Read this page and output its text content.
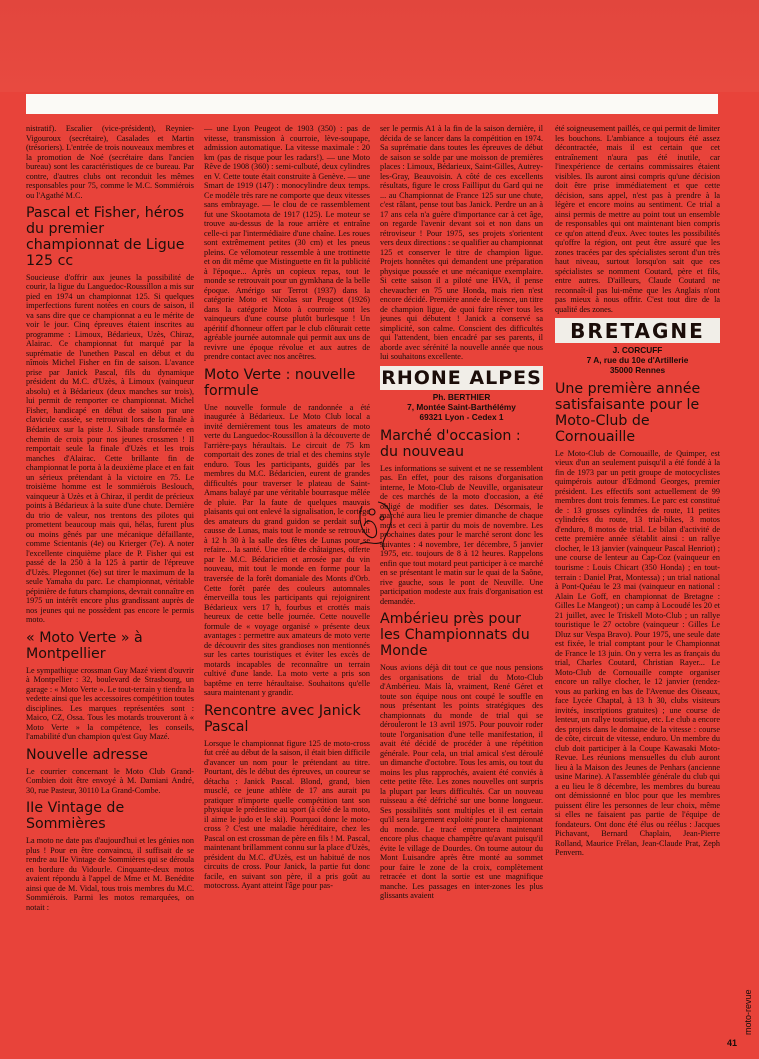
nistratif). Escalier (vice-président), Reynier-Vigouroux (secrétaire), Casalades et Martin (trésoriers). L'entrée de trois nouveaux membres et la promotion de Noé (secrétaire dans l'ancien bureau) sont les caractéristiques de ce bureau. Par contre, d'autres clubs ont reconduit les mêmes responsables pour 75, comme le M.C. Sommiérois ou l'Agathé M.C.

Pascal et Fisher, héros du premier championnat de Ligue 125 cc

Soucieuse d'offrir aux jeunes la possibilité de courir, la ligue du Languedoc-Roussillon a mis sur pied en 1974 un championnat 125. Si quelques imperfections furent notées en cours de saison, il va sans dire que ce championnat a eu le mérite de voir le jour. Cinq épreuves étaient inscrites au programme : Limoux, Bédarieux, Uzès, Chiraz, Alairac. Ce championnat fut marqué par la suprématie de l'unethen Pascal en début et du nîmois Michel Fisher en fin de saison. L'avance prise par Janick Pascal, fils du dynamique président du M.C. d'Uzès, à Limoux (vainqueur absolu) et à Bédarieux (deux manches sur trois), lui permit de remporter ce championnat. Michel Fisher, handicapé en début de saison par une clavicule cassée, se retrouvait lors de la finale à Bédarieux sur la piste J. Sibade transformée en chemin de croix pour nos jeunes crossmen ! Il remportait seule la finale d'Uzès et les trois manches d'Alairac. Cette brillante fin de championnat le porta à la deuxième place et en fait un sérieux prétendant à la victoire en 75. Le troisième homme est le sommiérois Beslouch, vainqueur à Uzès et à Chiraz, il perdit de précieux points à Bédarieux à la suite d'une chute. Dernière du trio de valeur, nos trentons des pilotes qui promettent beaucoup mais qui, hélas, furent plus ou moins gênés par une mécanique défaillante, comme Scientanis (4e) ou Krierger (7e). A noter l'excellente cinquième place de P. Fisher qui est passé de la 250 à la 125 à partir de l'épreuve d'Uzès. Plegonnet (6e) sut tirer le maximum de la seule Yamaha du parc. Le championnat, véritable pépinière de futurs champions, devrait connaître en 1975 un intérêt encore plus grandissant auprès de nos jeunes qui ne possèdent pas encore le permis moto.

« Moto Verte » à Montpellier

Le sympathique crossman Guy Mazé vient d'ouvrir à Montpellier : 32, boulevard de Strasbourg, un garage : « Moto Verte ». Le tout-terrain y tiendra la vedette ainsi que les accessoires compétition toutes disciplines. Les marques représentées sont : Maico, CZ, Ossa. Tous les motards trouveront à « Moto Verte » la compétence, les conseils, l'amabilité d'un champion qu'est Guy Mazé.

Nouvelle adresse

Le courrier concernant le Moto Club Grand-Combien doit être envoyé à M. Damiani André, 30, rue Pasteur, 30110 La Grand-Combe.

IIe Vintage de Sommières

La moto ne date pas d'aujourd'hui et les génies non plus ! Pour en être convaincu, il suffisait de se rendre au IIe Vintage de Sommières qui se déroula en bordure du Vidourle. Cinquante-deux motos avaient répondu à l'appel de Mme et M. Benédite ainsi que de M. Vidal, tous trois membres du M.C. Sommiérois. Parmi les motos remarquées, on notait :

— une Lyon Peugeot de 1903 (350) : pas de vitesse, transmission à courroie, lève-soupape, admission automatique. La vitesse maximale : 20 km (pas de risque pour les radars!). — une Moto Rêve de 1908 (360) : semi-culbuté, deux cylindres en V. Cette toute était construite à Genève. — une Smart de 1919 (147) : monocylindre deux temps. Ce modèle très rare ne comporte que deux vitesses sans embrayage. — le clou de ce rassemblement fut une Skootamota de 1917 (125). Le moteur se trouve au-dessus de la roue arrière et entraîne celle-ci par l'intermédiaire d'une chaîne. Les roues sont extrêmement petites (30 cm) et les pneus pleins. Ce vélomoteur ressemble à une trottinette et on dit même que Mistinguette en fit la publicité à l'époque... Après un copieux repas, tout le monde se retrouvait pour un gymkhana de la belle époque. Amérigo sur Terrot (1937) dans la catégorie Moto et Nicolas sur Peugeot (1926) dans la catégorie Moto à courroie sont les vainqueurs d'une course plutôt burlesque ! Un apéritif d'honneur offert par le club clôturait cette agréable journée automnale qui permit aux uns de revivre une époque révolue et aux autres de prendre contact avec nos ancêtres.

Moto Verte : nouvelle formule

Une nouvelle formule de randonnée a été inaugurée à Bédarieux. Le Moto Club local a invité dernièrement tous les amateurs de moto verte du Languedoc-Roussillon à la découverte de l'arrière-pays héraultais. Le circuit de 75 km comportait des zones de trial et des chemins style enduro. Tous les participants, guidés par les membres du M.C. Bédaricien, eurent de grandes difficultés pour traverser le plateau de Saint-Amans balayé par une véritable bourrasque mêlée de pluie. Par la faute de quelques mauvais plaisants qui ont enlevé la signalisation, le cortège des amateurs du grand guidon se perdait sur le causse de Lunas, mais tout le monde se retrouvait à 12 h 30 à la salle des fêtes de Lunas pour se refaire... la santé. Une rôtie de châtaignes, offerte par le M.C. Bédaricien et arrosée par du vin nouveau, mit tout le monde en forme pour la traversée de la forêt domaniale des Monts d'Orb. Cette forêt parée des couleurs automnales émerveilla tous les participants qui rejoignirent Bédarieux vers 17 h, fourbus et crottés mais heureux de cette belle journée. Cette nouvelle formule de « voyage organisé » présente deux avantages : permettre aux amateurs de moto verte de découvrir des sites grandioses non mentionnés sur les cartes touristiques et éviter les excès de motards incapables de reconnaître un terrain cultivé d'une lande. La moto verte a pris son baptême en terre héraultaise. Souhaitons qu'elle saura maintenant y grandir.

Rencontre avec Janick Pascal

Lorsque le championnat figure 125 de moto-cross fut créé au début de la saison, il était bien difficile d'avancer un nom pour le prétendant au titre. Pourtant, dès le début des épreuves, un coureur se détacha : Janick Pascal. Blond, grand, bien musclé, ce jeune athlète de 17 ans aurait pu pratiquer n'importe quelle compétition tant son physique le prédestine au sport (à côté de la moto, il aime le judo et le ski). Pourquoi donc le moto-cross ? C'est une maladie héréditaire, chez les Pascal on est crossman de père en fils ! M. Pascal, maintenant brillamment connu sur la place d'Uzès, président du M.C. d'Uzès, est un habitué de nos circuits de cross. Pour Janick, la partie fut donc facile, en suivant son père, il a pris goût au motocross. Ayant atteint l'âge pour pas-

ser le permis A1 à la fin de la saison dernière, il décida de se lancer dans la compétition en 1974. Sa suprématie dans toutes les épreuves de début de saison se solde par une moisson de premières places : Limoux, Bédarieux, Saint-Gilles, Autrey-les-Gray, Beauvoisin. A côté de ces excellents résultats, figure le cross Failliput du Gard qui ne ... au Championnat de France 125 sur une chute, c'est râlant, pense tout bas Janick. Perdre un an à 17 ans cela n'a guère d'importance car à cet âge, on regarde l'avenir devant soi et non dans un rétroviseur ! Pour 1975, ses projets s'orientent vers deux directions : se qualifier au championnat 125 et conserver le titre de champion ligue. Projets honnêtes qui demandent une préparation physique poussée et une mécanique exemplaire. Si cette saison il a piloté une HVA, il pense chevaucher en 75 une Honda, mais rien n'est encore décidé. Première année de licence, un titre de champion ligue, de quoi faire rêver tous les jeunes qui débutent ! Janick a conservé sa simplicité, son calme. Conscient des difficultés qui l'attendent, bien encadré par ses parents, il aborde avec sérénité la nouvelle année que nous lui souhaitons excellente.

RHONE ALPES
Ph. BERTHIER
7, Montée Saint-Barthélémy
69321 Lyon - Cedex 1
Marché d'occasion : du nouveau

Les informations se suivent et ne se ressemblent pas. En effet, pour des raisons d'organisation interne, le Moto-Club de Neuville, organisateur de ces marchés de la moto d'occasion, a été obligé de modifier ses dates. Désormais, le marché aura lieu le premier dimanche de chaque mois et ceci à partir du mois de novembre. Les prochaines dates pour le marché seront donc les suivantes : 4 novembre, 1er décembre, 5 janvier 1975, etc. toujours de 8 à 12 heures. Rappelons enfin que tout motard peut participer à ce marché en se présentant le matin sur le quai de la Saône, rive gauche, sous le pont de Neuville. Une participation modeste aux frais d'organisation est demandée.

Ambérieu près pour les Championnats du Monde

Nous avions déjà dit tout ce que nous pensions des organisations de trial du Moto-Club d'Ambérieu. Mais là, vraiment, René Géret et toute son équipe nous ont coupé le souffle en nous présentant les points stratégiques des championnats du monde de trial qui se dérouleront le 13 avril 1975. Pour pouvoir roder toute l'organisation d'une telle manifestation, il avait été décidé de procéder à une répétition générale. Pour cela, un trial amical s'est déroulé un dimanche d'octobre. Tous les amis, ou tout du moins les plus rapprochés, avaient été conviés à cette petite fête. Les zones nouvelles ont surpris la plupart par leurs difficultés. Car un nouveau ruisseau a été défriché sur une bonne longueur. Ses possibilités sont multiples et il est certain qu'il sera largement exploité pour le championnat du monde. Le tracé empruntera maintenant encore plus chaque champêtre qu'avant puisqu'il évite le village de Dourdes. On tourne autour du Mont Luisandre après être monté au sommet pour faire le zone de la croix, complètement retracée et dont la sortie est une magnifique manche. Les passages en inter-zones les plus glissants avaient

été soigneusement paillés, ce qui permit de limiter les bouchons. L'ambiance a toujours été assez décontractée, mais il est certain que cet entraînement n'aura pas été inutile, car l'inexpérience de certains commissaires étaient visibles. Ils auront ainsi compris qu'une décision doit être prise immédiatement et que cette décision, sans appel, n'est pas à prendre à la légère et encore moins au sentiment. Ce trial a ainsi permis de mettre au point tout un ensemble de responsables qui ont maintenant bien compris ce qu'on attend d'eux. Avec toutes les possibilités qu'offre la région, ont peut être assuré que les zones tracées par des spécialistes seront d'un très haut niveau, surtout lorsqu'on sait que ces spécialistes se nomment Coutard, père et fils, entre autres. D'ailleurs, Claude Coutard ne reconnaît-il pas lui-même que les Anglais n'ont pas mieux à nous offrir. C'est tout dire de la qualité des zones.

BRETAGNE
J. CORCUFF
7 A, rue du 10e d'Artillerie
35000 Rennes
Une première année satisfaisante pour le Moto-Club de Cornouaille

Le Moto-Club de Cornouaille, de Quimper, est vieux d'un an seulement puisqu'il a été fondé à la fin de 1973 par un petit groupe de motocyclistes quimpérois autour d'Edmond Georges, premier président. Les effectifs sont actuellement de 99 membres dont trois femmes. Le parc est constitué de : 13 grosses cylindrées de route, 11 petites cylindrées du route, 13 trial-bikes, 3 motos d'enduro, 8 motos de trial. Le bilan d'activité de cette première année s'établit ainsi : un rallye clocher, le 13 janvier (vainqueur Pascal Henriot) ; une course de lenteur au Cap-Coz (vainqueur en tourisme : Louis Chicart (350 Honda) ; en tout-terrain : Daniel Prat, Montessa) ; un trial national à Pont-Quéau le 23 mai (vainqueur en national : Alain Le Goff, en championnat de Bretagne : Gilles Le Mangeot) ; un camp à Locoudé les 20 et 21 juillet, avec le Triskell Moto-Club ; un rallye touristique le 27 octobre (vainqueur : Gilles Le Dluz sur Vespa Bravo). Pour 1975, une seule date est fixée, le trial comptant pour le Championnat de France le 13 juin. On y verra les as français du trial, Charles Coutard, Christian Rayer... Le Moto-Club de Cornouaille compte organiser encore un rallye clocher, le 12 janvier (rendez-vous au parking en bas de l'Avenue des Oiseaux, face Lycée Chaptal, à 13 h 30, clubs visiteurs invités, inscriptions gratuites) ; une course de lenteur, un rallye touristique, etc. Le club a encore des projets dans le domaine de la vitesse : course de côte, circuit de vitesse, enduro. Un membre du club doit participer à la Coupe Kawasaki Moto-Revue. Les réunions mensuelles du club auront lieu à la Maison des Jeunes de Penhars (ancienne usine Marine). A l'assemblée générale du club qui a eu lieu le 8 décembre, les membres du bureau ont démissionné en bloc pour que les membres puissent élire les personnes de leur choix, même si elles ne faisaient pas partie de l'équipe de fondateurs. Ont donc été élus ou réélus : Jacques Pichavant, Bernard Chaplain, Jean-Pierre Rolland, Maurice Frélan, Jean-Claude Prat, Zeph Penvern.

moto-revue
41
